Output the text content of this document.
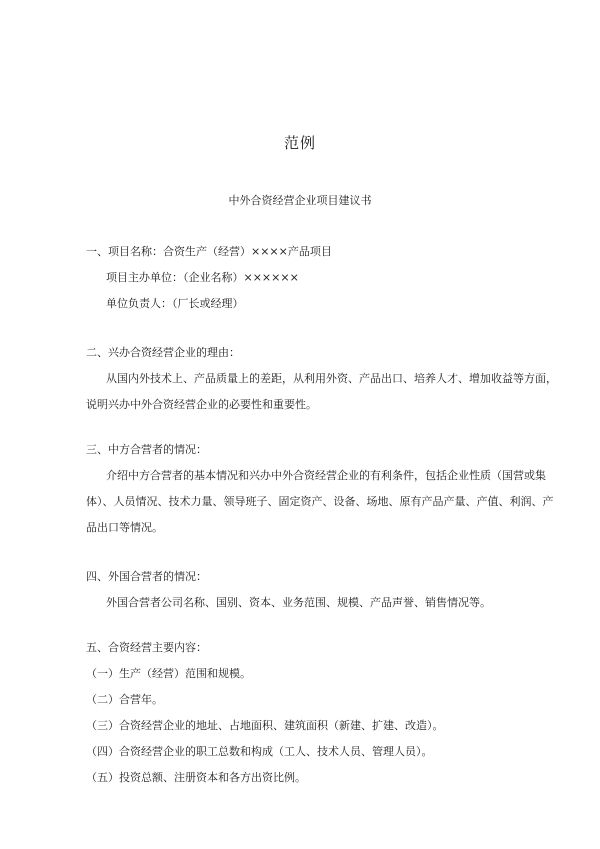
范例
中外合资经营企业项目建议书
一、项目名称：合资生产（经营）××××产品项目
项目主办单位：（企业名称）××××××
单位负责人：（厂长或经理）
二、兴办合资经营企业的理由：
从国内外技术上、产品质量上的差距，从利用外资、产品出口、培养人才、增加收益等方面，
说明兴办中外合资经营企业的必要性和重要性。
三、中方合营者的情况：
介绍中方合营者的基本情况和兴办中外合资经营企业的有利条件，包括企业性质（国营或集
体）、人员情况、技术力量、领导班子、固定资产、设备、场地、原有产品产量、产值、利润、产
品出口等情况。
四、外国合营者的情况：
外国合营者公司名称、国别、资本、业务范围、规模、产品声誉、销售情况等。
五、合资经营主要内容：
（一）生产（经营）范围和规模。
（二）合营年。
（三）合资经营企业的地址、占地面积、建筑面积（新建、扩建、改造）。
（四）合资经营企业的职工总数和构成（工人、技术人员、管理人员）。
（五）投资总额、注册资本和各方出资比例。
